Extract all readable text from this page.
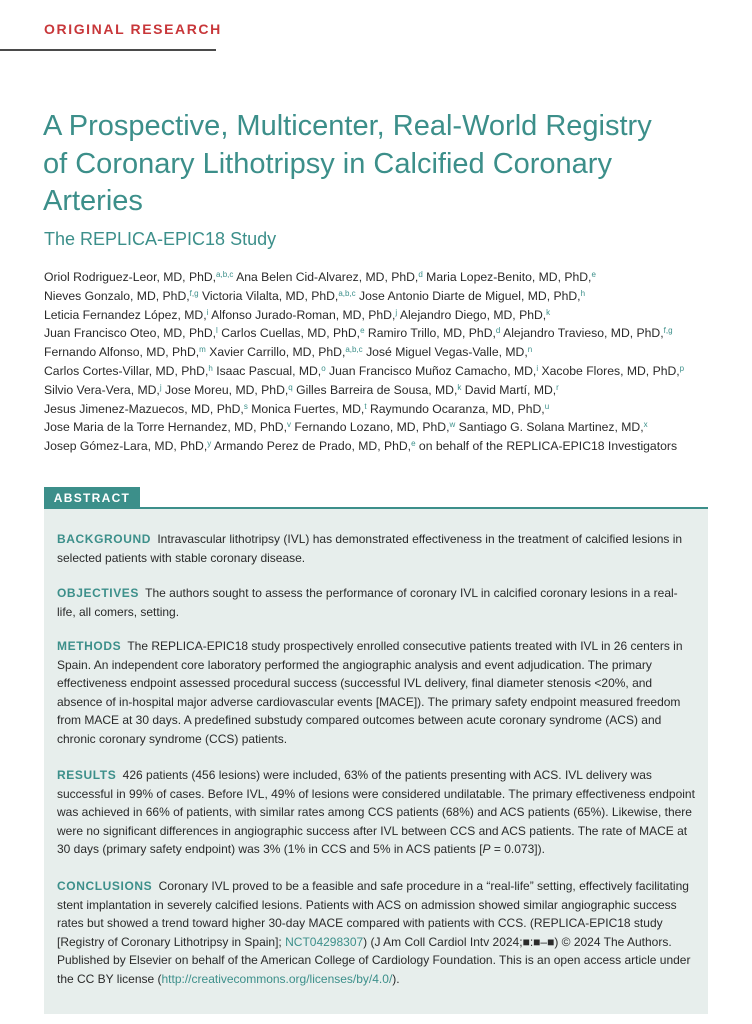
ORIGINAL RESEARCH
A Prospective, Multicenter, Real-World Registry of Coronary Lithotripsy in Calcified Coronary Arteries
The REPLICA-EPIC18 Study
Oriol Rodriguez-Leor, MD, PhD,$^{a,b,c}$ Ana Belen Cid-Alvarez, MD, PhD,$^d$ Maria Lopez-Benito, MD, PhD,$^e$
Nieves Gonzalo, MD, PhD,$^{f,g}$ Victoria Vilalta, MD, PhD,$^{a,b,c}$ Jose Antonio Diarte de Miguel, MD, PhD,$^h$
Leticia Fernandez López, MD,$^i$ Alfonso Jurado-Roman, MD, PhD,$^j$ Alejandro Diego, MD, PhD,$^k$
Juan Francisco Oteo, MD, PhD,$^l$ Carlos Cuellas, MD, PhD,$^e$ Ramiro Trillo, MD, PhD,$^d$ Alejandro Travieso, MD, PhD,$^{f,g}$
Fernando Alfonso, MD, PhD,$^m$ Xavier Carrillo, MD, PhD,$^{a,b,c}$ José Miguel Vegas-Valle, MD,$^n$
Carlos Cortes-Villar, MD, PhD,$^h$ Isaac Pascual, MD,$^o$ Juan Francisco Muñoz Camacho, MD,$^i$ Xacobe Flores, MD, PhD,$^p$
Silvio Vera-Vera, MD,$^j$ Jose Moreu, MD, PhD,$^q$ Gilles Barreira de Sousa, MD,$^k$ David Martí, MD,$^r$
Jesus Jimenez-Mazuecos, MD, PhD,$^s$ Monica Fuertes, MD,$^t$ Raymundo Ocaranza, MD, PhD,$^u$
Jose Maria de la Torre Hernandez, MD, PhD,$^v$ Fernando Lozano, MD, PhD,$^w$ Santiago G. Solana Martinez, MD,$^x$
Josep Gómez-Lara, MD, PhD,$^y$ Armando Perez de Prado, MD, PhD,$^e$ on behalf of the REPLICA-EPIC18 Investigators
ABSTRACT

BACKGROUND Intravascular lithotripsy (IVL) has demonstrated effectiveness in the treatment of calcified lesions in selected patients with stable coronary disease.

OBJECTIVES The authors sought to assess the performance of coronary IVL in calcified coronary lesions in a real-life, all comers, setting.

METHODS The REPLICA-EPIC18 study prospectively enrolled consecutive patients treated with IVL in 26 centers in Spain. An independent core laboratory performed the angiographic analysis and event adjudication. The primary effectiveness endpoint assessed procedural success (successful IVL delivery, final diameter stenosis <20%, and absence of in-hospital major adverse cardiovascular events [MACE]). The primary safety endpoint measured freedom from MACE at 30 days. A predefined substudy compared outcomes between acute coronary syndrome (ACS) and chronic coronary syndrome (CCS) patients.

RESULTS 426 patients (456 lesions) were included, 63% of the patients presenting with ACS. IVL delivery was successful in 99% of cases. Before IVL, 49% of lesions were considered undilatable. The primary effectiveness endpoint was achieved in 66% of patients, with similar rates among CCS patients (68%) and ACS patients (65%). Likewise, there were no significant differences in angiographic success after IVL between CCS and ACS patients. The rate of MACE at 30 days (primary safety endpoint) was 3% (1% in CCS and 5% in ACS patients [P = 0.073]).

CONCLUSIONS Coronary IVL proved to be a feasible and safe procedure in a “real-life” setting, effectively facilitating stent implantation in severely calcified lesions. Patients with ACS on admission showed similar angiographic success rates but showed a trend toward higher 30-day MACE compared with patients with CCS. (REPLICA-EPIC18 study [Registry of Coronary Lithotripsy in Spain]; NCT04298307) (J Am Coll Cardiol Intv 2024;■:■–■) © 2024 The Authors. Published by Elsevier on behalf of the American College of Cardiology Foundation. This is an open access article under the CC BY license (http://creativecommons.org/licenses/by/4.0/).
